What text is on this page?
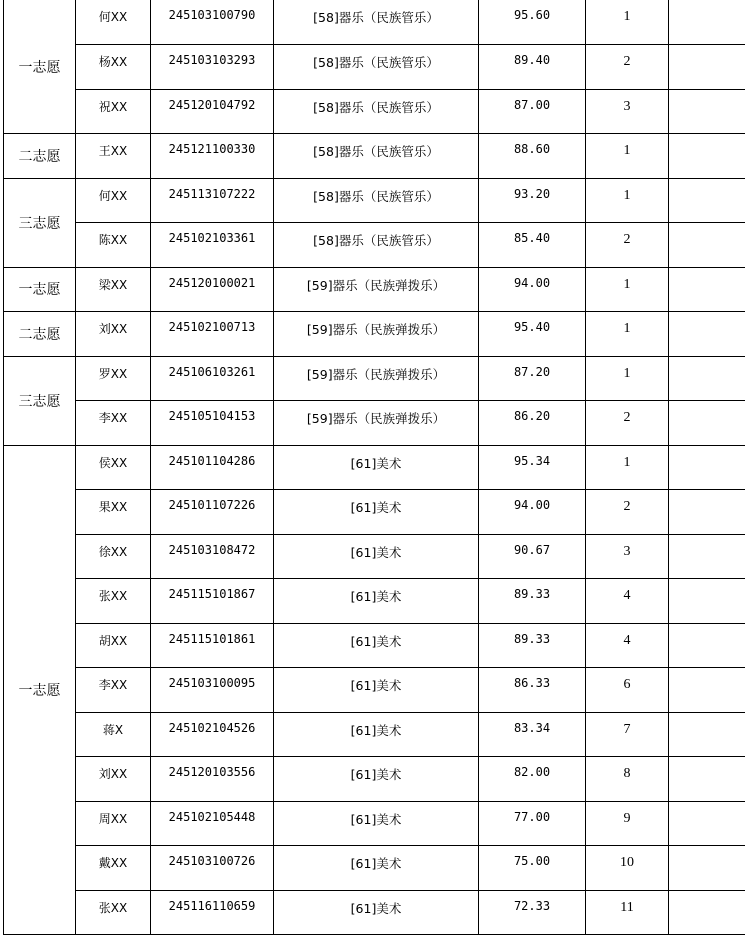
一志愿	何XX	245103100790	[58]器乐（民族管乐）	95.60	1	

	杨XX	245103103293	[58]器乐（民族管乐）	89.40	2	

	祝XX	245120104792	[58]器乐（民族管乐）	87.00	3	

二志愿	王XX	245121100330	[58]器乐（民族管乐）	88.60	1	

三志愿	何XX	245113107222	[58]器乐（民族管乐）	93.20	1	

	陈XX	245102103361	[58]器乐（民族管乐）	85.40	2	

一志愿	梁XX	245120100021	[59]器乐（民族弹拨乐）	94.00	1	

二志愿	刘XX	245102100713	[59]器乐（民族弹拨乐）	95.40	1	

三志愿	罗XX	245106103261	[59]器乐（民族弹拨乐）	87.20	1	

	李XX	245105104153	[59]器乐（民族弹拨乐）	86.20	2	

一志愿	侯XX	245101104286	[61]美术	95.34	1	

	果XX	245101107226	[61]美术	94.00	2	

	徐XX	245103108472	[61]美术	90.67	3	

	张XX	245115101867	[61]美术	89.33	4	

	胡XX	245115101861	[61]美术	89.33	4	

	李XX	245103100095	[61]美术	86.33	6	

	蒋X	245102104526	[61]美术	83.34	7	

	刘XX	245120103556	[61]美术	82.00	8	

	周XX	245102105448	[61]美术	77.00	9	

	戴XX	245103100726	[61]美术	75.00	10	

	张XX	245116110659	[61]美术	72.33	11	
